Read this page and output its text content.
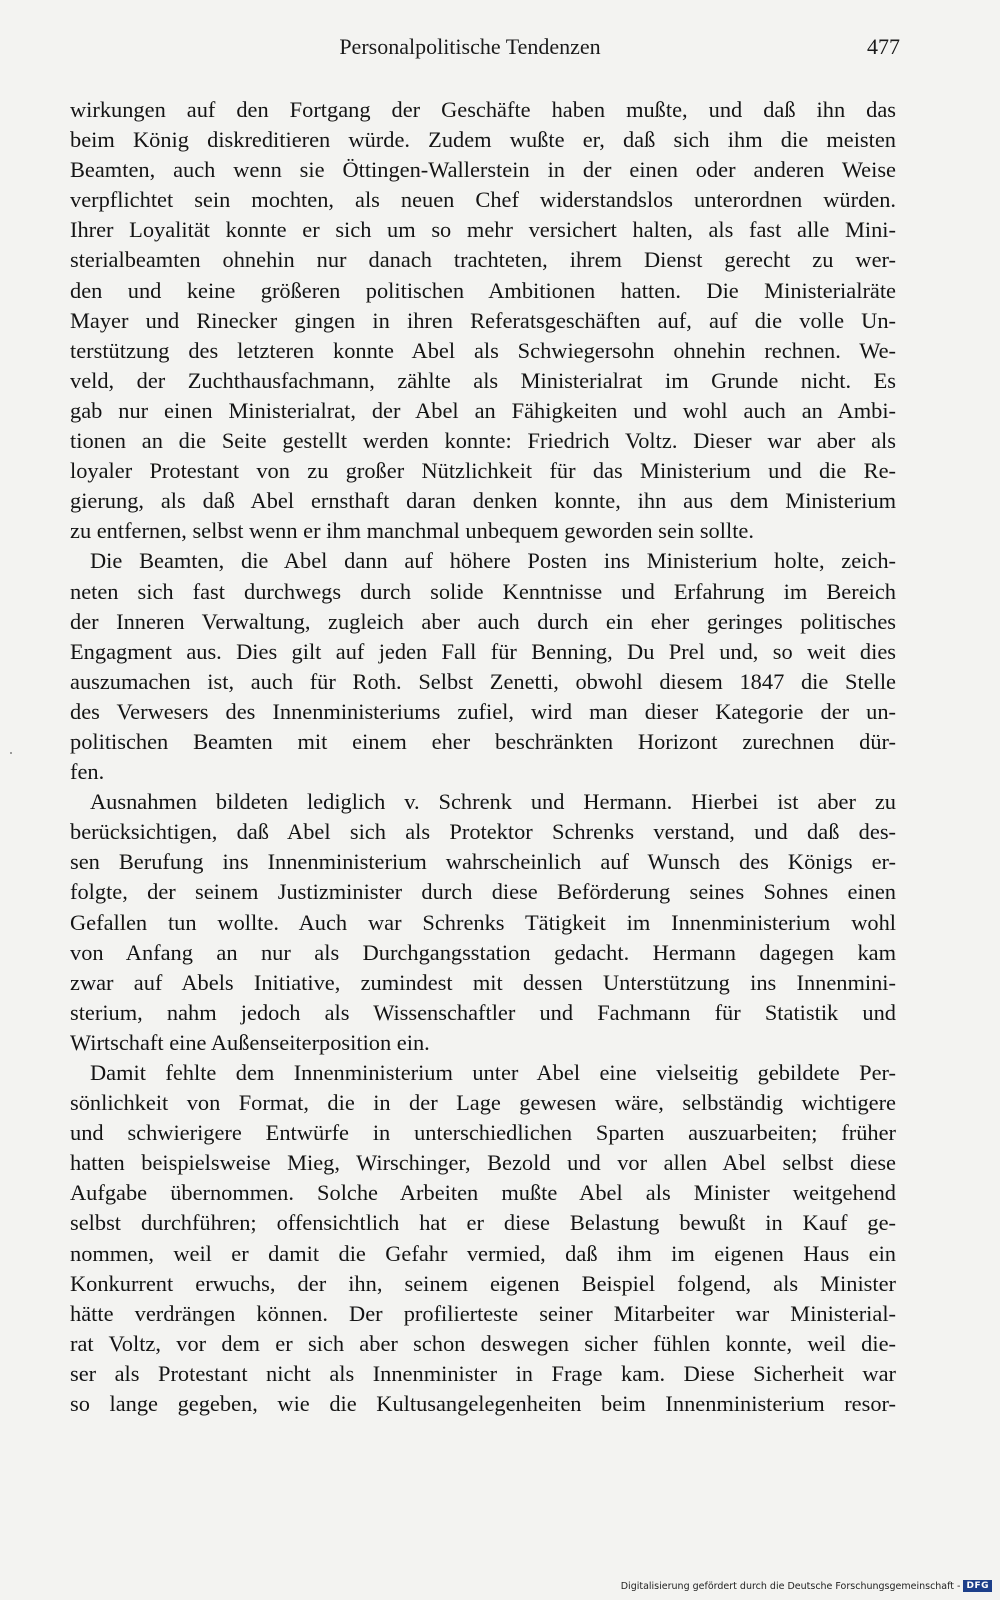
Personalpolitische Tendenzen	477
wirkungen auf den Fortgang der Geschäfte haben mußte, und daß ihn das
beim König diskreditieren würde. Zudem wußte er, daß sich ihm die meisten
Beamten, auch wenn sie Öttingen-Wallerstein in der einen oder anderen Weise
verpflichtet sein mochten, als neuen Chef widerstandslos unterordnen würden.
Ihrer Loyalität konnte er sich um so mehr versichert halten, als fast alle Mini-
sterialbeamten ohnehin nur danach trachteten, ihrem Dienst gerecht zu wer-
den und keine größeren politischen Ambitionen hatten. Die Ministerialräte
Mayer und Rinecker gingen in ihren Referatsgeschäften auf, auf die volle Un-
terstützung des letzteren konnte Abel als Schwiegersohn ohnehin rechnen. We-
veld, der Zuchthausfachmann, zählte als Ministerialrat im Grunde nicht. Es
gab nur einen Ministerialrat, der Abel an Fähigkeiten und wohl auch an Ambi-
tionen an die Seite gestellt werden konnte: Friedrich Voltz. Dieser war aber als
loyaler Protestant von zu großer Nützlichkeit für das Ministerium und die Re-
gierung, als daß Abel ernsthaft daran denken konnte, ihn aus dem Ministerium
zu entfernen, selbst wenn er ihm manchmal unbequem geworden sein sollte.
Die Beamten, die Abel dann auf höhere Posten ins Ministerium holte, zeich-
neten sich fast durchwegs durch solide Kenntnisse und Erfahrung im Bereich
der Inneren Verwaltung, zugleich aber auch durch ein eher geringes politisches
Engagment aus. Dies gilt auf jeden Fall für Benning, Du Prel und, so weit dies
auszumachen ist, auch für Roth. Selbst Zenetti, obwohl diesem 1847 die Stelle
des Verwesers des Innenministeriums zufiel, wird man dieser Kategorie der un-
politischen Beamten mit einem eher beschränkten Horizont zurechnen dür-
fen.
Ausnahmen bildeten lediglich v. Schrenk und Hermann. Hierbei ist aber zu
berücksichtigen, daß Abel sich als Protektor Schrenks verstand, und daß des-
sen Berufung ins Innenministerium wahrscheinlich auf Wunsch des Königs er-
folgte, der seinem Justizminister durch diese Beförderung seines Sohnes einen
Gefallen tun wollte. Auch war Schrenks Tätigkeit im Innenministerium wohl
von Anfang an nur als Durchgangsstation gedacht. Hermann dagegen kam
zwar auf Abels Initiative, zumindest mit dessen Unterstützung ins Innenmini-
sterium, nahm jedoch als Wissenschaftler und Fachmann für Statistik und
Wirtschaft eine Außenseiterposition ein.
Damit fehlte dem Innenministerium unter Abel eine vielseitig gebildete Per-
sönlichkeit von Format, die in der Lage gewesen wäre, selbständig wichtigere
und schwierigere Entwürfe in unterschiedlichen Sparten auszuarbeiten; früher
hatten beispielsweise Mieg, Wirschinger, Bezold und vor allen Abel selbst diese
Aufgabe übernommen. Solche Arbeiten mußte Abel als Minister weitgehend
selbst durchführen; offensichtlich hat er diese Belastung bewußt in Kauf ge-
nommen, weil er damit die Gefahr vermied, daß ihm im eigenen Haus ein
Konkurrent erwuchs, der ihn, seinem eigenen Beispiel folgend, als Minister
hätte verdrängen können. Der profilierteste seiner Mitarbeiter war Ministerial-
rat Voltz, vor dem er sich aber schon deswegen sicher fühlen konnte, weil die-
ser als Protestant nicht als Innenminister in Frage kam. Diese Sicherheit war
so lange gegeben, wie die Kultusangelegenheiten beim Innenministerium resor-
Digitalisierung gefördert durch die Deutsche Forschungsgemeinschaft - DFG
